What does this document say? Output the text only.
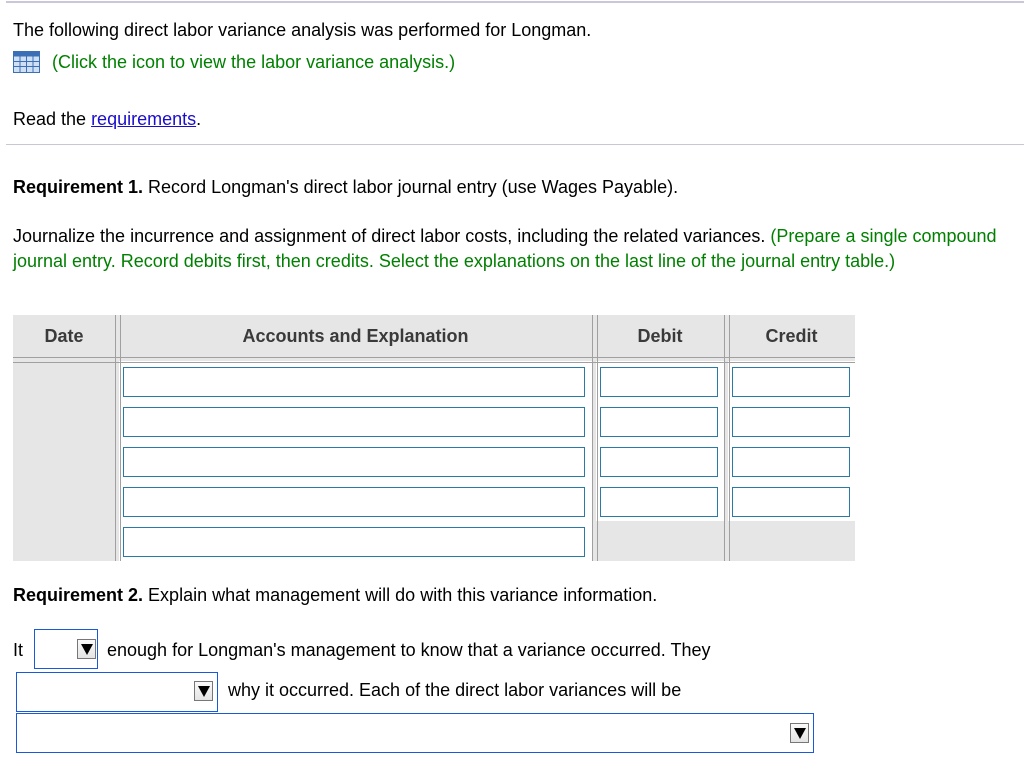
The following direct labor variance analysis was performed for Longman.
(Click the icon to view the labor variance analysis.)
Read the requirements.
Requirement 1. Record Longman's direct labor journal entry (use Wages Payable).
Journalize the incurrence and assignment of direct labor costs, including the related variances. (Prepare a single compound journal entry. Record debits first, then credits. Select the explanations on the last line of the journal entry table.)
Date	Accounts and Explanation	Debit	Credit
Requirement 2. Explain what management will do with this variance information.
It	enough for Longman's management to know that a variance occurred. They
why it occurred. Each of the direct labor variances will be
